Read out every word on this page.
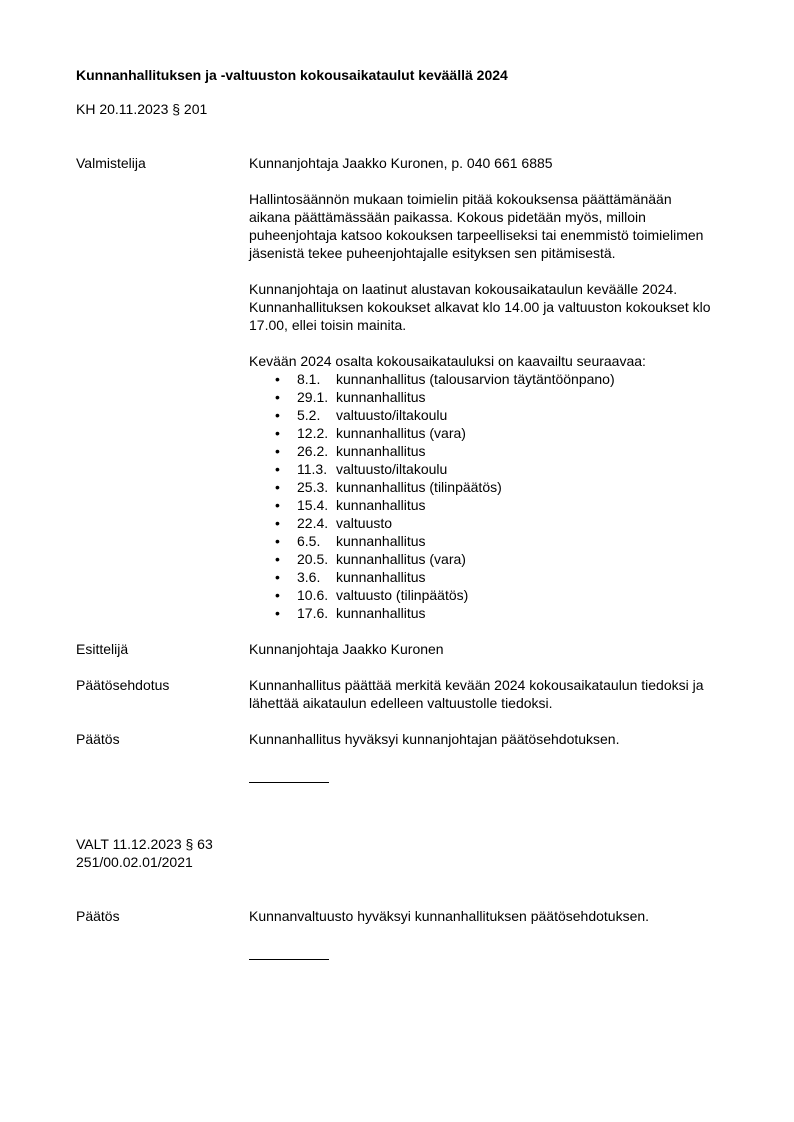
Kunnanhallituksen ja -valtuuston kokousaikataulut keväällä 2024
KH 20.11.2023 § 201
Valmistelija	Kunnanjohtaja Jaakko Kuronen, p. 040 661 6885

Hallintosäännön mukaan toimielin pitää kokouksensa päättämänään aikana päättämässään paikassa. Kokous pidetään myös, milloin puheenjohtaja katsoo kokouksen tarpeelliseksi tai enemmistö toimielimen jäsenistä tekee puheenjohtajalle esityksen sen pitämisestä.

Kunnanjohtaja on laatinut alustavan kokousaikataulun keväälle 2024. Kunnanhallituksen kokoukset alkavat klo 14.00 ja valtuuston kokoukset klo 17.00, ellei toisin mainita.

Kevään 2024 osalta kokousaikatauluksi on kaavailtu seuraavaa:

•	8.1.	kunnanhallitus (talousarvion täytäntöönpano)
•	29.1. kunnanhallitus
•	5.2.	valtuusto/iltakoulu
•	12.2. kunnanhallitus (vara)
•	26.2. kunnanhallitus
•	11.3. valtuusto/iltakoulu
•	25.3. kunnanhallitus (tilinpäätös)
•	15.4. kunnanhallitus
•	22.4. valtuusto
•	6.5.	kunnanhallitus
•	20.5. kunnanhallitus (vara)
•	3.6.	kunnanhallitus
•	10.6. valtuusto (tilinpäätös)
•	17.6. kunnanhallitus
Esittelijä	Kunnanjohtaja Jaakko Kuronen
Päätösehdotus	Kunnanhallitus päättää merkitä kevään 2024 kokousaikataulun tiedoksi ja lähettää aikataulun edelleen valtuustolle tiedoksi.
Päätös	Kunnanhallitus hyväksyi kunnanjohtajan päätösehdotuksen.
VALT 11.12.2023 § 63
251/00.02.01/2021
Päätös	Kunnanvaltuusto hyväksyi kunnanhallituksen päätösehdotuksen.
